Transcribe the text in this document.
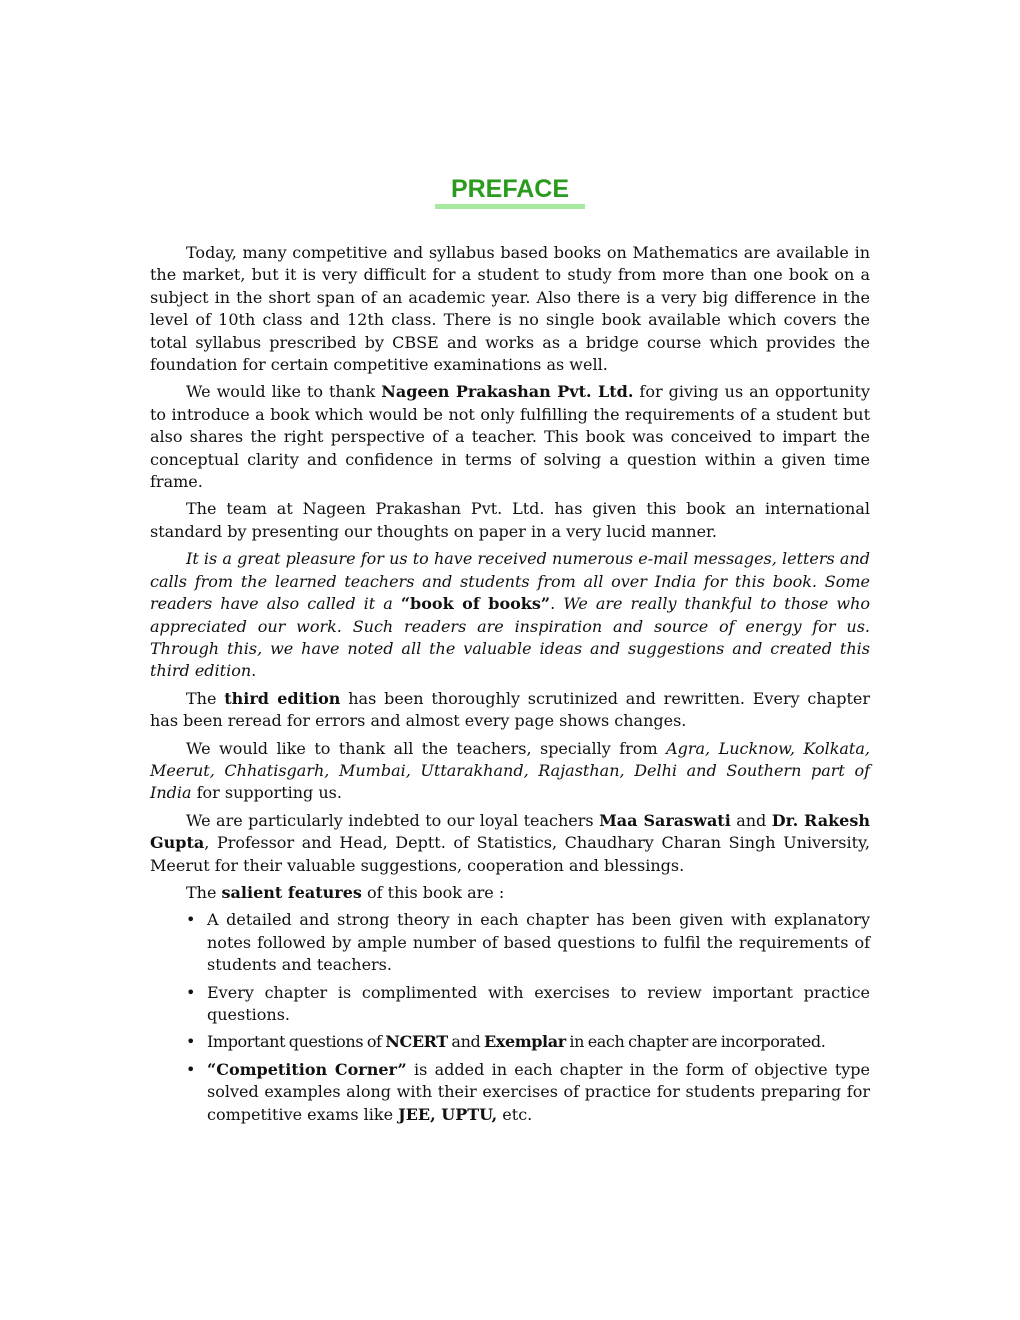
PREFACE

Today, many competitive and syllabus based books on Mathematics are available in the market, but it is very difficult for a student to study from more than one book on a subject in the short span of an academic year. Also there is a very big difference in the level of 10th class and 12th class. There is no single book available which covers the total syllabus prescribed by CBSE and works as a bridge course which provides the foundation for certain competitive examinations as well.

We would like to thank Nageen Prakashan Pvt. Ltd. for giving us an opportunity to introduce a book which would be not only fulfilling the requirements of a student but also shares the right perspective of a teacher. This book was conceived to impart the conceptual clarity and confidence in terms of solving a question within a given time frame.

The team at Nageen Prakashan Pvt. Ltd. has given this book an international standard by presenting our thoughts on paper in a very lucid manner.

It is a great pleasure for us to have received numerous e-mail messages, letters and calls from the learned teachers and students from all over India for this book. Some readers have also called it a “book of books”. We are really thankful to those who appreciated our work. Such readers are inspiration and source of energy for us. Through this, we have noted all the valuable ideas and suggestions and created this third edition.

The third edition has been thoroughly scrutinized and rewritten. Every chapter has been reread for errors and almost every page shows changes.

We would like to thank all the teachers, specially from Agra, Lucknow, Kolkata, Meerut, Chhatisgarh, Mumbai, Uttarakhand, Rajasthan, Delhi and Southern part of India for supporting us.

We are particularly indebted to our loyal teachers Maa Saraswati and Dr. Rakesh Gupta, Professor and Head, Deptt. of Statistics, Chaudhary Charan Singh University, Meerut for their valuable suggestions, cooperation and blessings.

The salient features of this book are :

• A detailed and strong theory in each chapter has been given with explanatory notes followed by ample number of based questions to fulfil the requirements of students and teachers.
• Every chapter is complimented with exercises to review important practice questions.
• Important questions of NCERT and Exemplar in each chapter are incorporated.
• “Competition Corner” is added in each chapter in the form of objective type solved examples along with their exercises of practice for students preparing for competitive exams like JEE, UPTU, etc.
